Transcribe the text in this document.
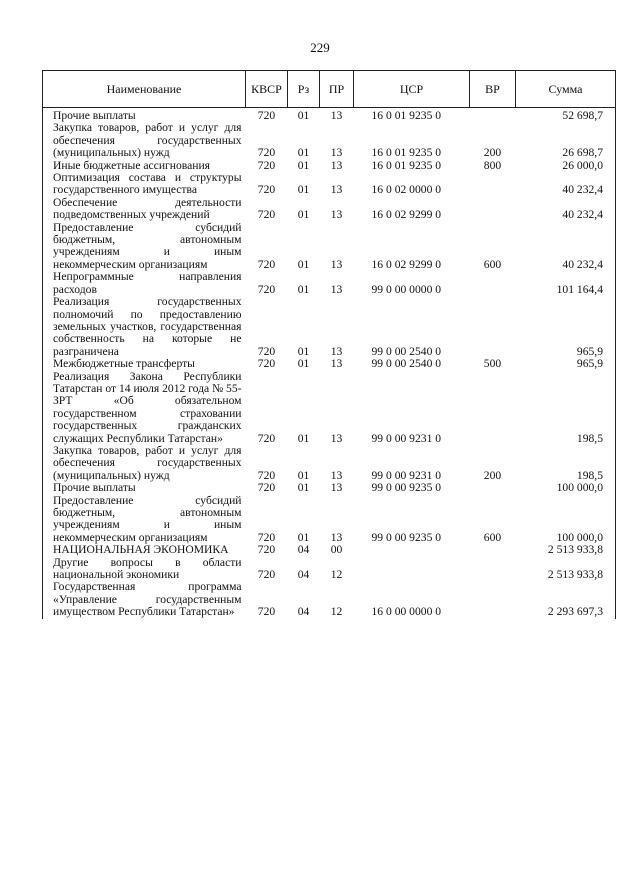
229
Наименование	КВСР	Рз	ПР	ЦСР	ВР	Сумма
Прочие выплаты	720	01	13	16 0 01 9235 0		52 698,7
Закупка товаров, работ и услуг для обеспечения государственных (муниципальных) нужд	720	01	13	16 0 01 9235 0	200	26 698,7
Иные бюджетные ассигнования	720	01	13	16 0 01 9235 0	800	26 000,0
Оптимизация состава и структуры государственного имущества	720	01	13	16 0 02 0000 0		40 232,4
Обеспечение деятельности подведомственных учреждений	720	01	13	16 0 02 9299 0		40 232,4
Предоставление субсидий бюджетным, автономным учреждениям и иным некоммерческим организациям	720	01	13	16 0 02 9299 0	600	40 232,4
Непрограммные направления расходов	720	01	13	99 0 00 0000 0		101 164,4
Реализация государственных полномочий по предоставлению земельных участков, государственная собственность на которые не разграничена	720	01	13	99 0 00 2540 0		965,9
Межбюджетные трансферты	720	01	13	99 0 00 2540 0	500	965,9
Реализация Закона Республики Татарстан от 14 июля 2012 года № 55-ЗРТ «Об обязательном государственном страховании государственных гражданских служащих Республики Татарстан»	720	01	13	99 0 00 9231 0		198,5
Закупка товаров, работ и услуг для обеспечения государственных (муниципальных) нужд	720	01	13	99 0 00 9231 0	200	198,5
Прочие выплаты	720	01	13	99 0 00 9235 0		100 000,0
Предоставление субсидий бюджетным, автономным учреждениям и иным некоммерческим организациям	720	01	13	99 0 00 9235 0	600	100 000,0
НАЦИОНАЛЬНАЯ ЭКОНОМИКА	720	04	00			2 513 933,8
Другие вопросы в области национальной экономики	720	04	12			2 513 933,8
Государственная программа «Управление государственным имуществом Республики Татарстан»	720	04	12	16 0 00 0000 0		2 293 697,3
